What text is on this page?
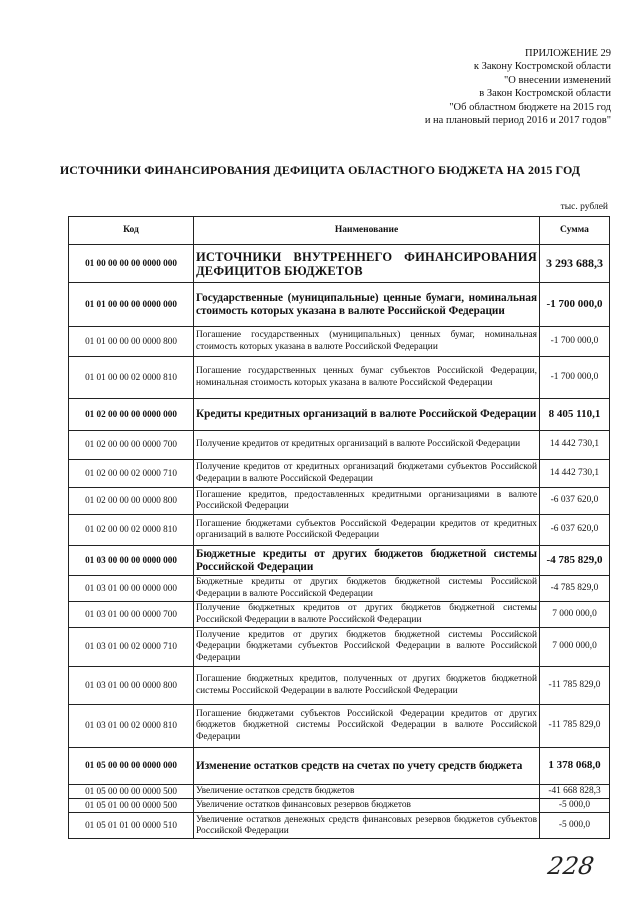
ПРИЛОЖЕНИЕ 29
к Закону Костромской области
"О внесении изменений
в Закон Костромской области
"Об областном бюджете на 2015 год
и на плановый период 2016 и 2017 годов"
ИСТОЧНИКИ ФИНАНСИРОВАНИЯ ДЕФИЦИТА ОБЛАСТНОГО БЮДЖЕТА НА 2015 ГОД
тыс. рублей
Код	Наименование	Сумма
01 00 00 00 00 0000 000	ИСТОЧНИКИ ВНУТРЕННЕГО ФИНАНСИРОВАНИЯ ДЕФИЦИТОВ БЮДЖЕТОВ	3 293 688,3
01 01 00 00 00 0000 000	Государственные (муниципальные) ценные бумаги, номинальная стоимость которых указана в валюте Российской Федерации	-1 700 000,0
01 01 00 00 00 0000 800	Погашение государственных (муниципальных) ценных бумаг, номинальная стоимость которых указана в валюте Российской Федерации	-1 700 000,0
01 01 00 00 02 0000 810	Погашение государственных ценных бумаг субъектов Российской Федерации, номинальная стоимость которых указана в валюте Российской Федерации	-1 700 000,0
01 02 00 00 00 0000 000	Кредиты кредитных организаций в валюте Российской Федерации	8 405 110,1
01 02 00 00 00 0000 700	Получение кредитов от кредитных организаций в валюте Российской Федерации	14 442 730,1
01 02 00 00 02 0000 710	Получение кредитов от кредитных организаций бюджетами субъектов Российской Федерации в валюте Российской Федерации	14 442 730,1
01 02 00 00 00 0000 800	Погашение кредитов, предоставленных кредитными организациями в валюте Российской Федерации	-6 037 620,0
01 02 00 00 02 0000 810	Погашение бюджетами субъектов Российской Федерации кредитов от кредитных организаций в валюте Российской Федерации	-6 037 620,0
01 03 00 00 00 0000 000	Бюджетные кредиты от других бюджетов бюджетной системы Российской Федерации	-4 785 829,0
01 03 01 00 00 0000 000	Бюджетные кредиты от других бюджетов бюджетной системы Российской Федерации в валюте Российской Федерации	-4 785 829,0
01 03 01 00 00 0000 700	Получение бюджетных кредитов от других бюджетов бюджетной системы Российской Федерации в валюте Российской Федерации	7 000 000,0
01 03 01 00 02 0000 710	Получение кредитов от других бюджетов бюджетной системы Российской Федерации бюджетами субъектов Российской Федерации в валюте Российской Федерации	7 000 000,0
01 03 01 00 00 0000 800	Погашение бюджетных кредитов, полученных от других бюджетов бюджетной системы Российской Федерации в валюте Российской Федерации	-11 785 829,0
01 03 01 00 02 0000 810	Погашение бюджетами субъектов Российской Федерации кредитов от других бюджетов бюджетной системы Российской Федерации в валюте Российской Федерации	-11 785 829,0
01 05 00 00 00 0000 000	Изменение остатков средств на счетах по учету средств бюджета	1 378 068,0
01 05 00 00 00 0000 500	Увеличение остатков средств бюджетов	-41 668 828,3
01 05 01 00 00 0000 500	Увеличение остатков финансовых резервов бюджетов	-5 000,0
01 05 01 01 00 0000 510	Увеличение остатков денежных средств финансовых резервов бюджетов субъектов Российской Федерации	-5 000,0
228
